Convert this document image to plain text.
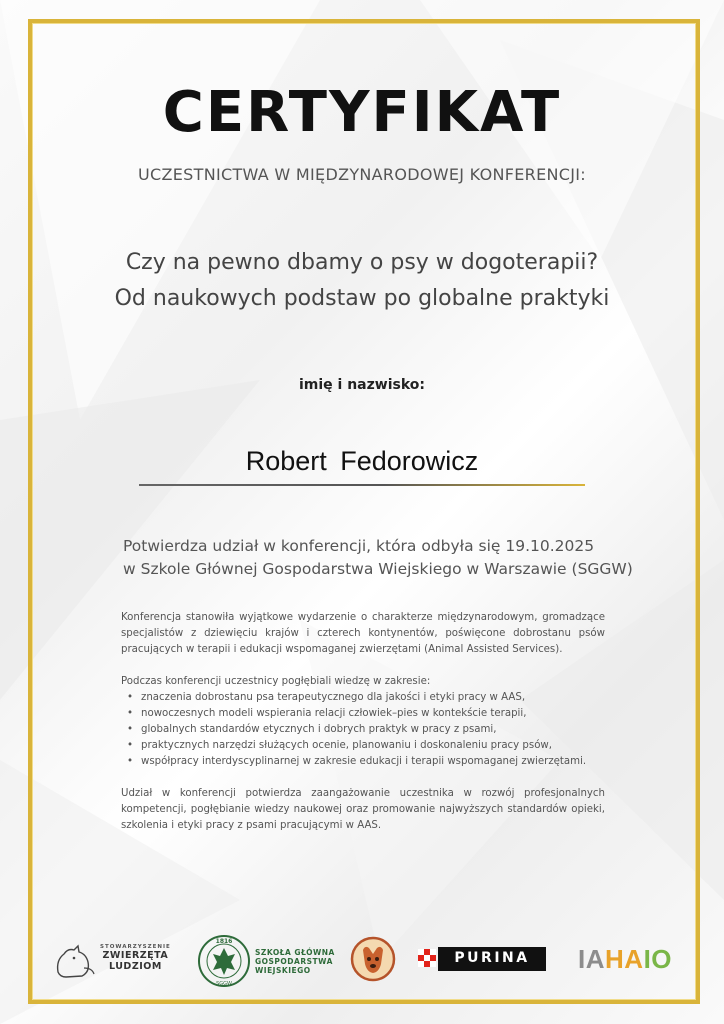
CERTYFIKAT
UCZESTNICTWA W MIĘDZYNARODOWEJ KONFERENCJI:
Czy na pewno dbamy o psy w dogoterapii?
Od naukowych podstaw po globalne praktyki
imię i nazwisko:
Robert Fedorowicz
Potwierdza udział w konferencji, która odbyła się 19.10.2025
w Szkole Głównej Gospodarstwa Wiejskiego w Warszawie (SGGW)

Konferencja stanowiła wyjątkowe wydarzenie o charakterze międzynarodowym, gromadzące specjalistów z dziewięciu krajów i czterech kontynentów, poświęcone dobrostanu psów pracujących w terapii i edukacji wspomaganej zwierzętami (Animal Assisted Services).

Podczas konferencji uczestnicy pogłębiali wiedzę w zakresie:

• znaczenia dobrostanu psa terapeutycznego dla jakości i etyki pracy w AAS,
• nowoczesnych modeli wspierania relacji człowiek–pies w kontekście terapii,
• globalnych standardów etycznych i dobrych praktyk w pracy z psami,
• praktycznych narzędzi służących ocenie, planowaniu i doskonaleniu pracy psów,
• współpracy interdyscyplinarnej w zakresie edukacji i terapii wspomaganej zwierzętami.

Udział w konferencji potwierdza zaangażowanie uczestnika w rozwój profesjonalnych kompetencji, pogłębianie wiedzy naukowej oraz promowanie najwyższych standardów opieki, szkolenia i etyki pracy z psami pracującymi w AAS.

STOWARZYSZENIE
ZWIERZĘTA
LUDZIOM
1816
SGGW
SZKOŁA GŁÓWNA
GOSPODARSTWA
WIEJSKIEGO
PURINA	IAHAIO
